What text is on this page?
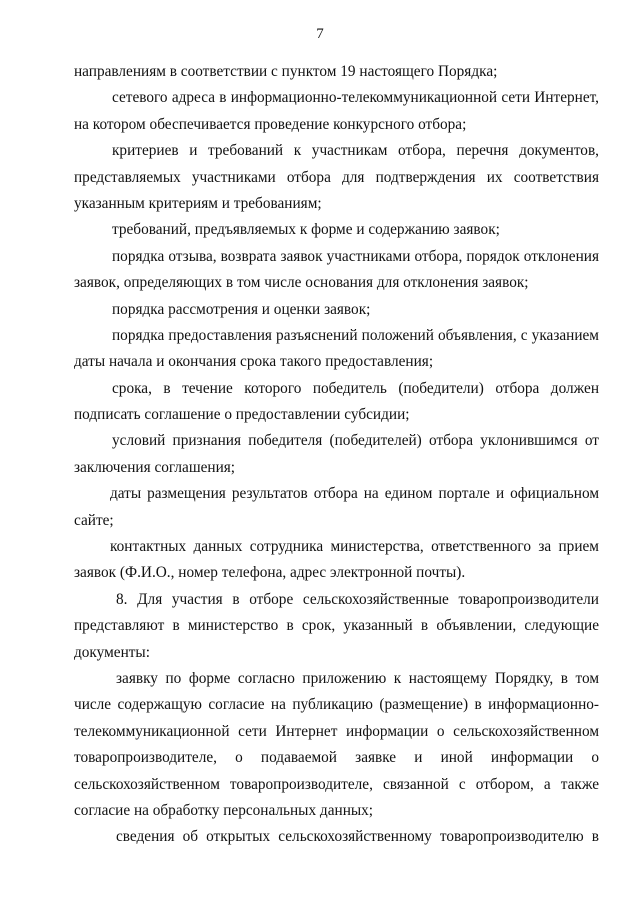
7
направлениям в соответствии с пунктом 19 настоящего Порядка;
сетевого адреса в информационно-телекоммуникационной сети Интернет,
на котором обеспечивается проведение конкурсного отбора;
критериев и требований к участникам отбора, перечня документов,
представляемых участниками отбора для подтверждения их соответствия
указанным критериям и требованиям;
требований, предъявляемых к форме и содержанию заявок;
порядка отзыва, возврата заявок участниками отбора, порядок отклонения
заявок, определяющих в том числе основания для отклонения заявок;
порядка рассмотрения и оценки заявок;
порядка предоставления разъяснений положений объявления, с указанием
даты начала и окончания срока такого предоставления;
срока, в течение которого победитель (победители) отбора должен
подписать соглашение о предоставлении субсидии;
условий признания победителя (победителей) отбора уклонившимся от
заключения соглашения;
даты размещения результатов отбора на едином портале и официальном
сайте;
контактных данных сотрудника министерства, ответственного за прием
заявок (Ф.И.О., номер телефона, адрес электронной почты).
8. Для участия в отборе сельскохозяйственные товаропроизводители
представляют в министерство в срок, указанный в объявлении, следующие
документы:
заявку по форме согласно приложению к настоящему Порядку, в том
числе содержащую согласие на публикацию (размещение) в информационно-
телекоммуникационной сети Интернет информации о сельскохозяйственном
товаропроизводителе, о подаваемой заявке и иной информации о
сельскохозяйственном товаропроизводителе, связанной с отбором, а также
согласие на обработку персональных данных;
сведения об открытых сельскохозяйственному товаропроизводителю в
